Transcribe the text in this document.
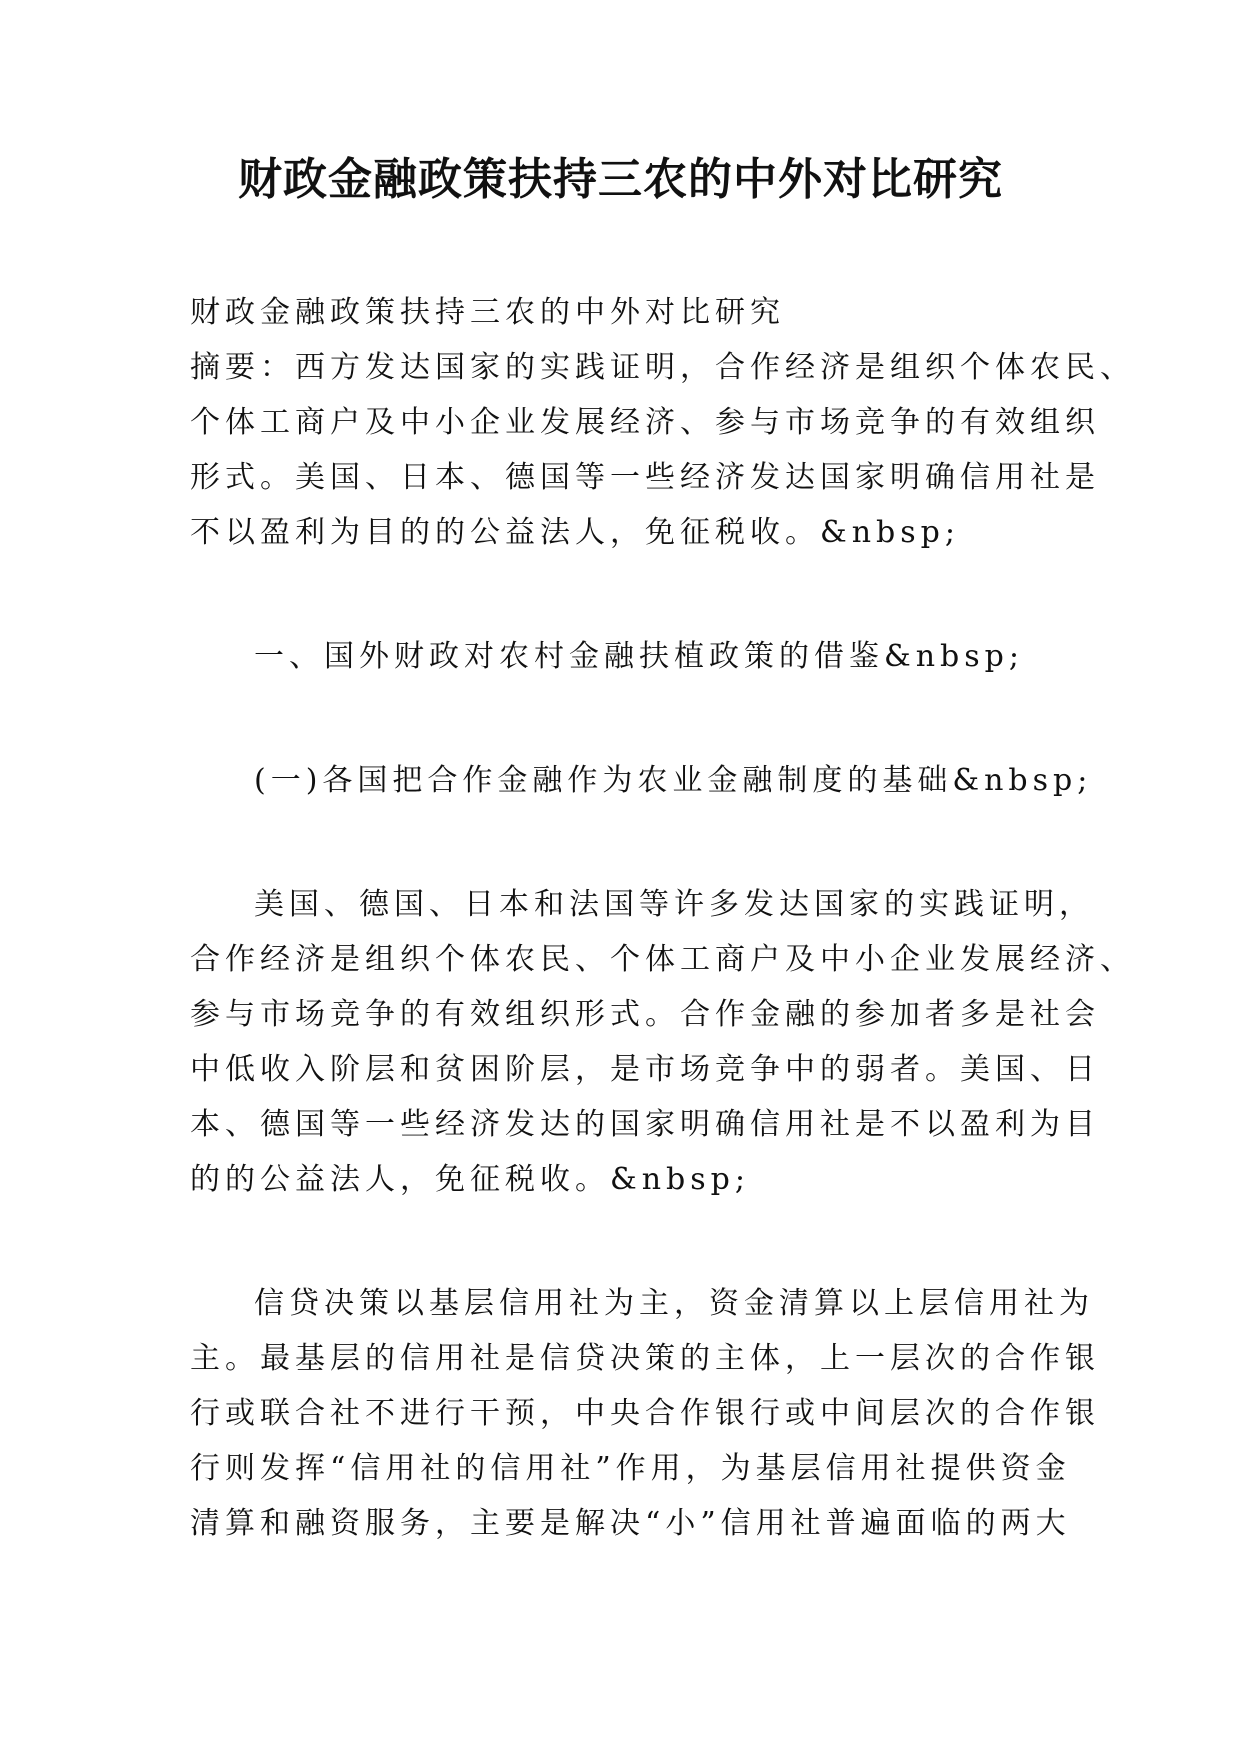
财政金融政策扶持三农的中外对比研究

财政金融政策扶持三农的中外对比研究

摘要：西方发达国家的实践证明，合作经济是组织个体农民、

个体工商户及中小企业发展经济、参与市场竞争的有效组织

形式。美国、日本、德国等一些经济发达国家明确信用社是

不以盈利为目的的公益法人，免征税收。&nbsp;

一、国外财政对农村金融扶植政策的借鉴&nbsp;

(一)各国把合作金融作为农业金融制度的基础&nbsp;

美国、德国、日本和法国等许多发达国家的实践证明，

合作经济是组织个体农民、个体工商户及中小企业发展经济、

参与市场竞争的有效组织形式。合作金融的参加者多是社会

中低收入阶层和贫困阶层，是市场竞争中的弱者。美国、日

本、德国等一些经济发达的国家明确信用社是不以盈利为目

的的公益法人，免征税收。&nbsp;

信贷决策以基层信用社为主，资金清算以上层信用社为

主。最基层的信用社是信贷决策的主体，上一层次的合作银

行或联合社不进行干预，中央合作银行或中间层次的合作银

行则发挥“信用社的信用社”作用，为基层信用社提供资金

清算和融资服务，主要是解决“小”信用社普遍面临的两大
